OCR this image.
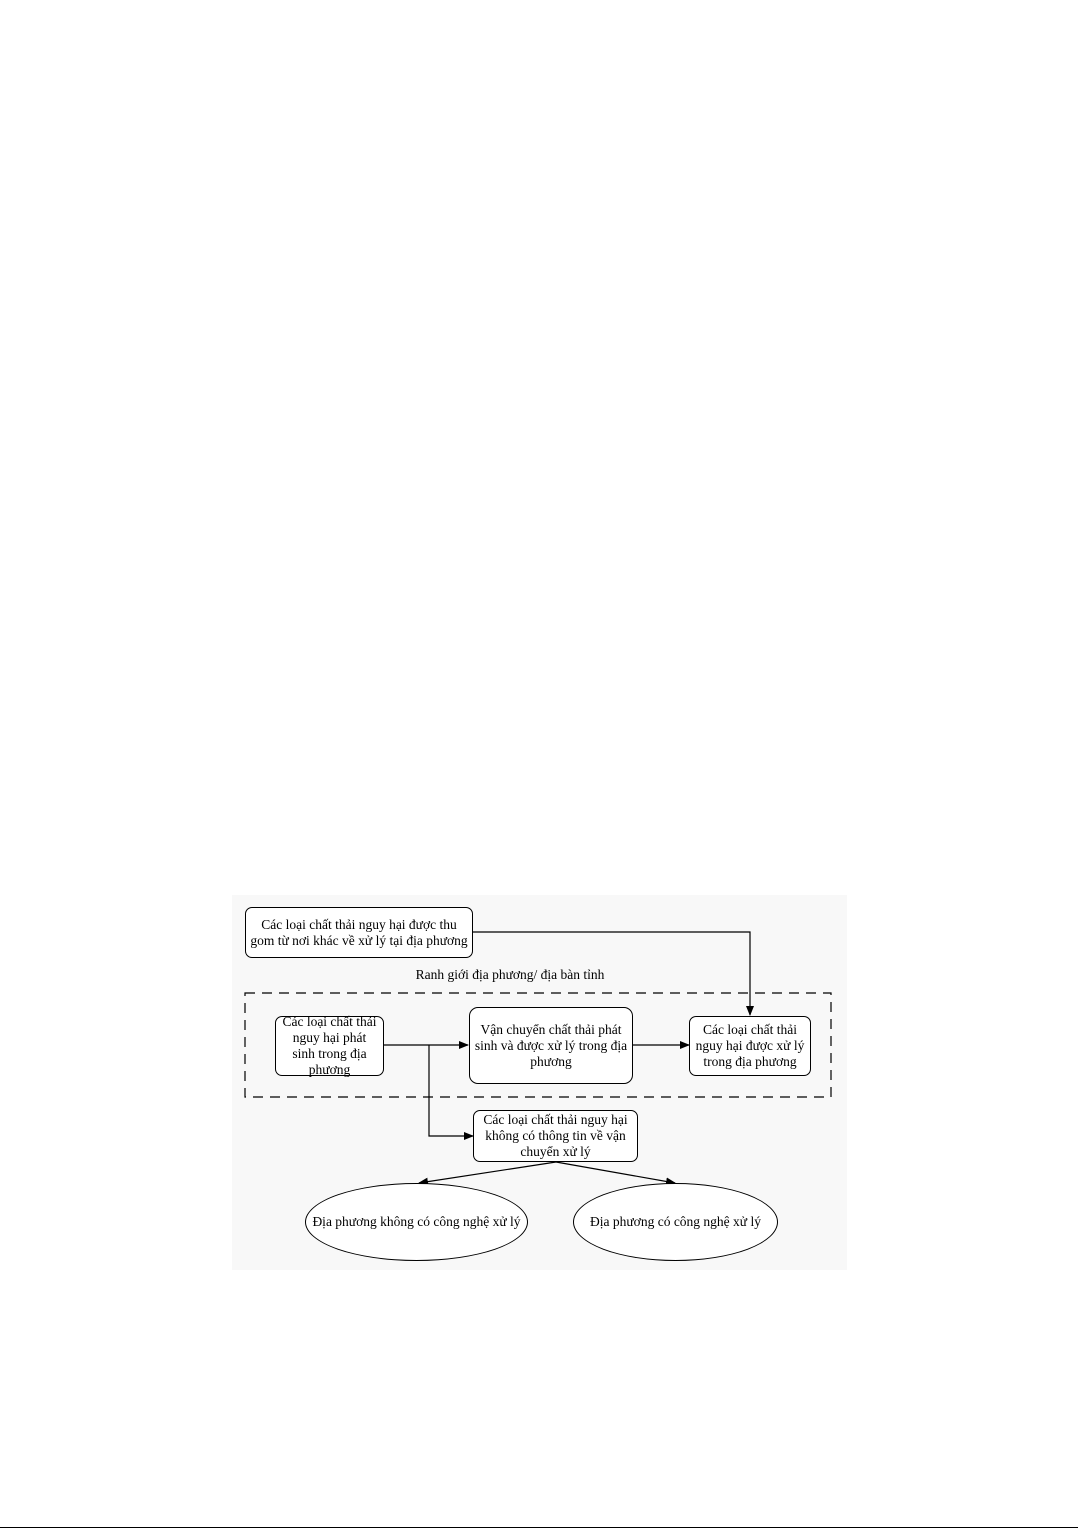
Các loại chất thải nguy hại được thu gom từ nơi khác về xử lý tại địa phương
Ranh giới địa phương/ địa bàn tỉnh
Các loại chất thải nguy hại phát sinh trong địa phương
Vận chuyển chất thải phát sinh và được xử lý trong địa phương
Các loại chất thải nguy hại được xử lý trong địa phương
Các loại chất thải nguy hại không có thông tin về vận chuyển xử lý
Địa phương không có công nghệ xử lý	Địa phương có công nghệ xử lý
